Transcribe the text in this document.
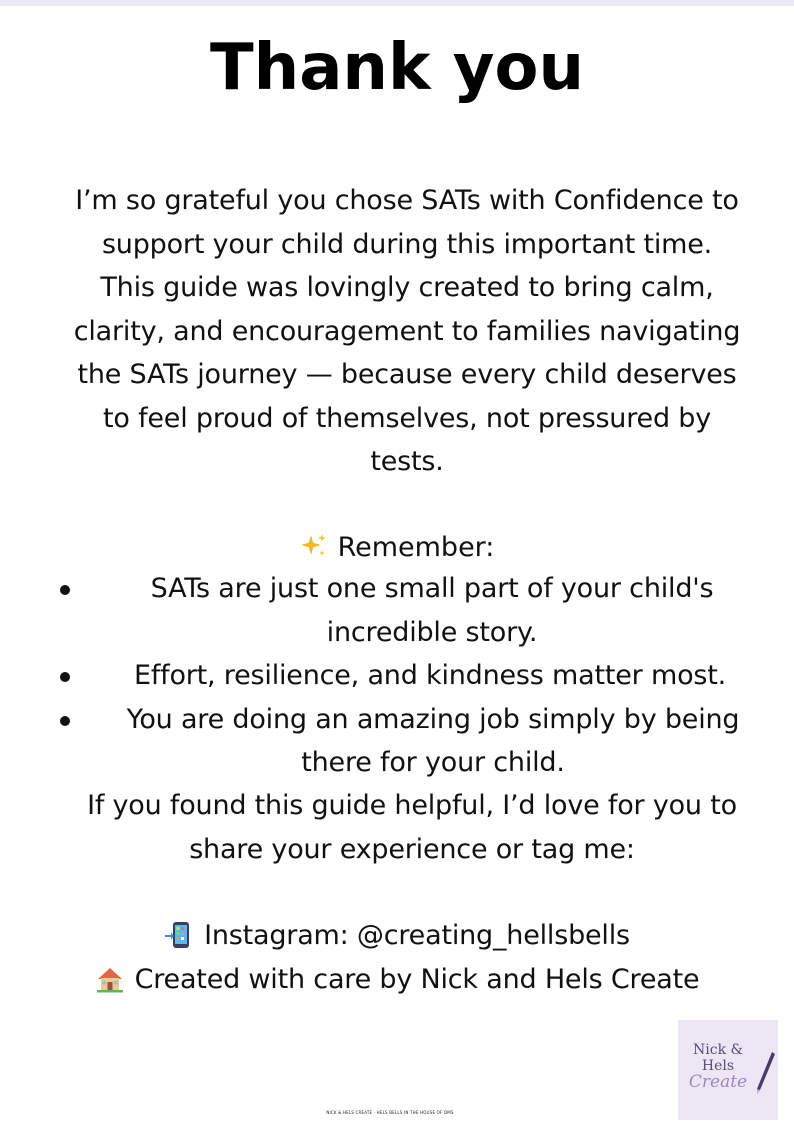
Thank you
I’m so grateful you chose SATs with Confidence to
support your child during this important time.
This guide was lovingly created to bring calm,
clarity, and encouragement to families navigating
the SATs journey — because every child deserves
to feel proud of themselves, not pressured by
tests.
Remember:
SATs are just one small part of your child's
incredible story.
Effort, resilience, and kindness matter most.
You are doing an amazing job simply by being
there for your child.
If you found this guide helpful, I’d love for you to
share your experience or tag me:
Instagram: @creating_hellsbells
Created with care by Nick and Hels Create
Nick &
Hels
Create
NICK & HELS CREATE · HELS BELLS IN THE HOUSE OF DMS
